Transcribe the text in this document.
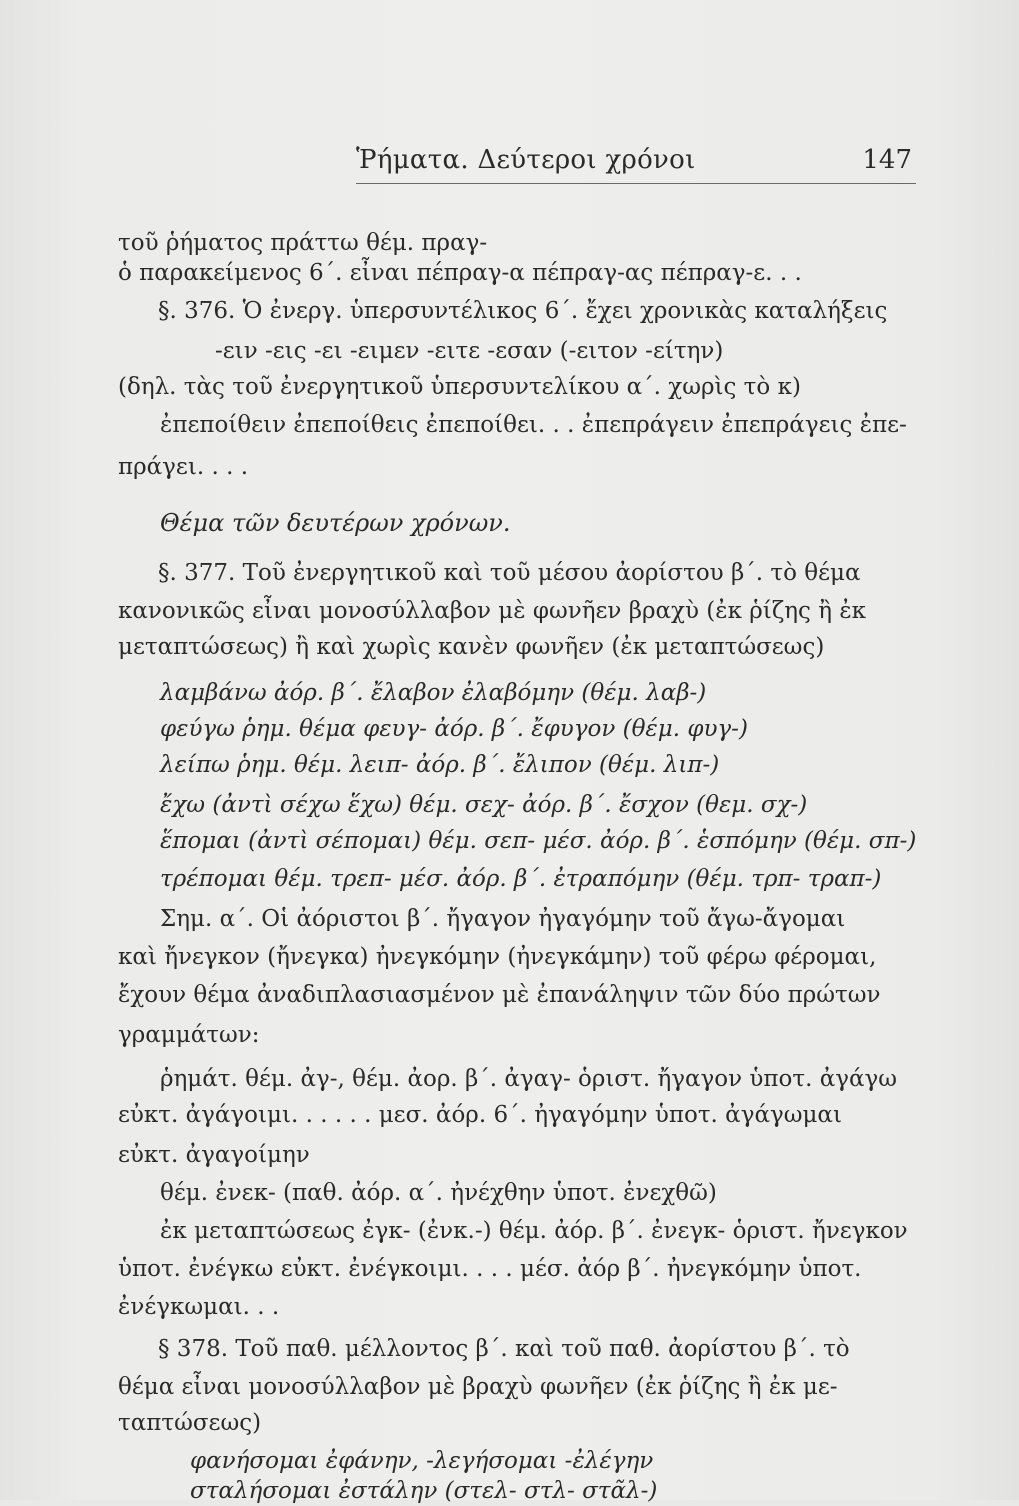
Ῥήματα. Δεύτεροι χρόνοι	147
τοῦ ῥήματος πράττω θέμ. πραγ-
ὁ παρακείμενος 6΄. εἶναι πέπραγ-α πέπραγ-ας πέπραγ-ε. . .
§. 376. Ὁ ἐνεργ. ὑπερσυντέλικος 6΄. ἔχει χρονικὰς καταλήξεις
-ειν -εις -ει -ειμεν -ειτε -εσαν (-ειτον -είτην)
(δηλ. τὰς τοῦ ἐνεργητικοῦ ὑπερσυντελίκου α΄. χωρὶς τὸ κ)
ἐπεποίθειν ἐπεποίθεις ἐπεποίθει. . . ἐπεπράγειν ἐπεπράγεις ἐπε-
πράγει. . . .
Θέμα τῶν δευτέρων χρόνων.
§. 377. Τοῦ ἐνεργητικοῦ καὶ τοῦ μέσου ἀορίστου β΄. τὸ θέμα
κανονικῶς εἶναι μονοσύλλαβον μὲ φωνῆεν βραχὺ (ἐκ ῥίζης ἢ ἐκ
μεταπτώσεως) ἢ καὶ χωρὶς κανὲν φωνῆεν (ἐκ μεταπτώσεως)
λαμβάνω ἀόρ. β΄. ἔλαβον ἐλαβόμην (θέμ. λαβ-)
φεύγω ῥημ. θέμα φευγ- ἀόρ. β΄. ἔφυγον (θέμ. φυγ-)
λείπω ῥημ. θέμ. λειπ- ἀόρ. β΄. ἔλιπον (θέμ. λιπ-)
ἔχω (ἀντὶ σέχω ἕχω) θέμ. σεχ- ἀόρ. β΄. ἔσχον (θεμ. σχ-)
ἕπομαι (ἀντὶ σέπομαι) θέμ. σεπ- μέσ. ἀόρ. β΄. ἑσπόμην (θέμ. σπ-)
τρέπομαι θέμ. τρεπ- μέσ. ἀόρ. β΄. ἐτραπόμην (θέμ. τρπ- τραπ-)
Σημ. α΄. Οἱ ἀόριστοι β΄. ἤγαγον ἠγαγόμην τοῦ ἄγω-ἄγομαι
καὶ ἤνεγκον (ἤνεγκα) ἠνεγκόμην (ἠνεγκάμην) τοῦ φέρω φέρομαι,
ἔχουν θέμα ἀναδιπλασιασμένον μὲ ἐπανάληψιν τῶν δύο πρώτων
γραμμάτων:
ῥημάτ. θέμ. ἀγ-, θέμ. ἀορ. β΄. ἀγαγ- ὁριστ. ἤγαγον ὑποτ. ἀγάγω
εὐκτ. ἀγάγοιμι. . . . . . μεσ. ἀόρ. 6΄. ἠγαγόμην ὑποτ. ἀγάγωμαι
εὐκτ. ἀγαγοίμην
θέμ. ἐνεκ- (παθ. ἀόρ. α΄. ἠνέχθην ὑποτ. ἐνεχθῶ)
ἐκ μεταπτώσεως ἐγκ- (ἐνκ.-) θέμ. ἀόρ. β΄. ἐνεγκ- ὁριστ. ἤνεγκον
ὑποτ. ἐνέγκω εὐκτ. ἐνέγκοιμι. . . . μέσ. ἀόρ β΄. ἠνεγκόμην ὑποτ.
ἐνέγκωμαι. . .
§ 378. Τοῦ παθ. μέλλοντος β΄. καὶ τοῦ παθ. ἀορίστου β΄. τὸ
θέμα εἶναι μονοσύλλαβον μὲ βραχὺ φωνῆεν (ἐκ ῥίζης ἢ ἐκ με-
ταπτώσεως)
φανήσομαι ἐφάνην, -λεγήσομαι -ἐλέγην
σταλήσομαι ἐστάλην (στελ- στλ- στᾶλ-)
